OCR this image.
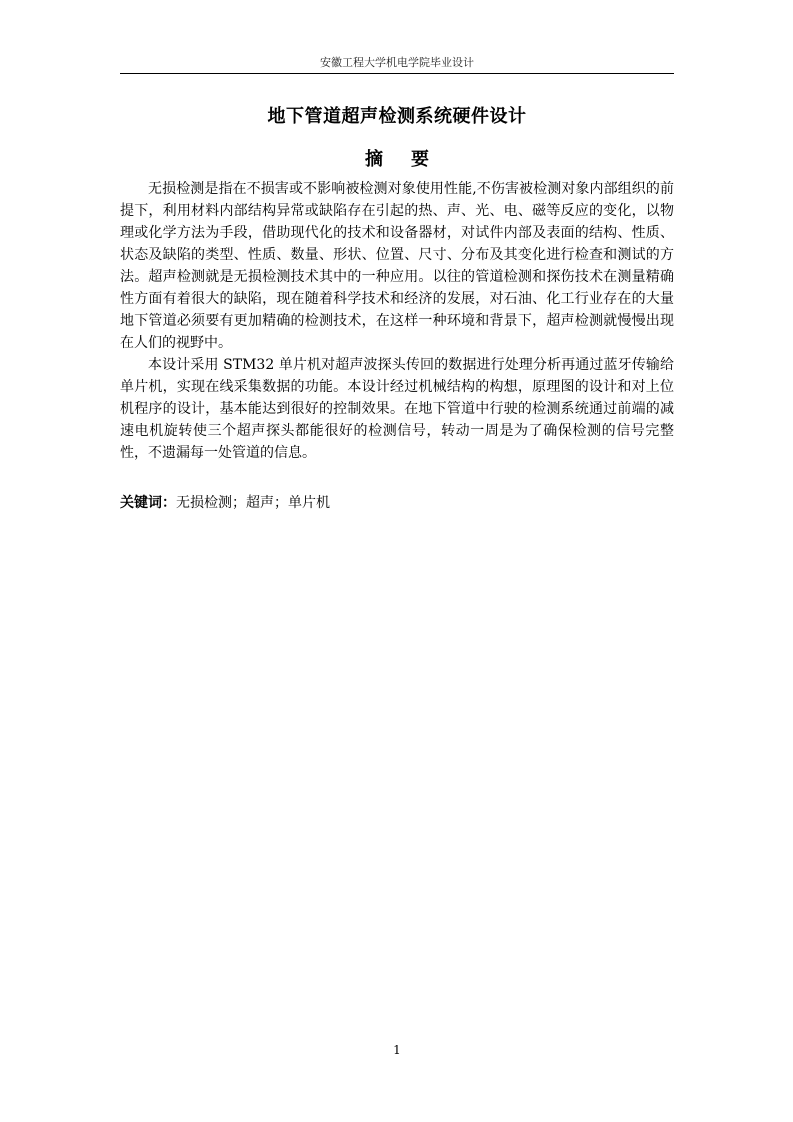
安徽工程大学机电学院毕业设计
地下管道超声检测系统硬件设计
摘 要

无损检测是指在不损害或不影响被检测对象使用性能,不伤害被检测对象内部组织的前提下，利用材料内部结构异常或缺陷存在引起的热、声、光、电、磁等反应的变化，以物理或化学方法为手段，借助现代化的技术和设备器材，对试件内部及表面的结构、性质、状态及缺陷的类型、性质、数量、形状、位置、尺寸、分布及其变化进行检查和测试的方法。超声检测就是无损检测技术其中的一种应用。以往的管道检测和探伤技术在测量精确性方面有着很大的缺陷，现在随着科学技术和经济的发展，对石油、化工行业存在的大量地下管道必须要有更加精确的检测技术，在这样一种环境和背景下，超声检测就慢慢出现在人们的视野中。

本设计采用 STM32 单片机对超声波探头传回的数据进行处理分析再通过蓝牙传输给单片机，实现在线采集数据的功能。本设计经过机械结构的构想，原理图的设计和对上位机程序的设计，基本能达到很好的控制效果。在地下管道中行驶的检测系统通过前端的减速电机旋转使三个超声探头都能很好的检测信号，转动一周是为了确保检测的信号完整性，不遗漏每一处管道的信息。

关键词：无损检测；超声；单片机
1
